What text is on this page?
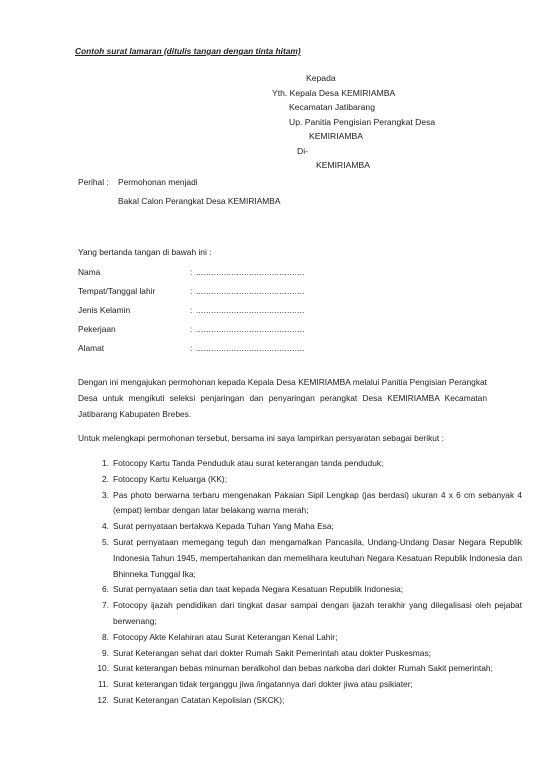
Contoh surat lamaran (ditulis tangan dengan tinta hitam)
Kepada
Yth. Kepala Desa KEMIRIAMBA
Kecamatan Jatibarang
Up. Panitia Pengisian Perangkat Desa
KEMIRIAMBA
Di-
KEMIRIAMBA
Perihal : Permohonan menjadi
Bakal Calon Perangkat Desa KEMIRIAMBA
Yang bertanda tangan di bawah ini :
Nama	: ...........................................
Tempat/Tanggal lahir	: ...........................................
Jenis Kelamin	: ...........................................
Pekerjaan	: ...........................................
Alamat	: ...........................................
Dengan ini mengajukan permohonan kepada Kepala Desa KEMIRIAMBA melalui Panitia Pengisian Perangkat Desa untuk mengikuti seleksi penjaringan dan penyaringan perangkat Desa KEMIRIAMBA Kecamatan Jatibarang Kabupaten Brebes.
Untuk melengkapi permohonan tersebut, bersama ini saya lampirkan persyaratan sebagai berikut :
1. Fotocopy Kartu Tanda Penduduk atau surat keterangan tanda penduduk;
2. Fotocopy Kartu Keluarga (KK);
3. Pas photo berwarna terbaru mengenakan Pakaian Sipil Lengkap (jas berdasi) ukuran 4 x 6 cm sebanyak 4 (empat) lembar dengan latar belakang warna merah;
4. Surat pernyataan bertakwa Kepada Tuhan Yang Maha Esa;
5. Surat pernyataan memegang teguh dan mengamalkan Pancasila, Undang-Undang Dasar Negara Republik Indonesia Tahun 1945, mempertahankan dan memelihara keutuhan Negara Kesatuan Republik Indonesia dan Bhinneka Tunggal Ika;
6. Surat pernyataan setia dan taat kepada Negara Kesatuan Republik Indonesia;
7. Fotocopy ijazah pendidikan dari tingkat dasar sampai dengan ijazah terakhir yang dilegalisasi oleh pejabat berwenang;
8. Fotocopy Akte Kelahiran atau Surat Keterangan Kenal Lahir;
9. Surat Keterangan sehat dari dokter Rumah Sakit Pemerintah atau dokter Puskesmas;
10. Surat keterangan bebas minuman beralkohol dan bebas narkoba dari dokter Rumah Sakit pemerintah;
11. Surat keterangan tidak terganggu jiwa /ingatannya dari dokter jiwa atau psikiater;
12. Surat Keterangan Catatan Kepolisian (SKCK);
